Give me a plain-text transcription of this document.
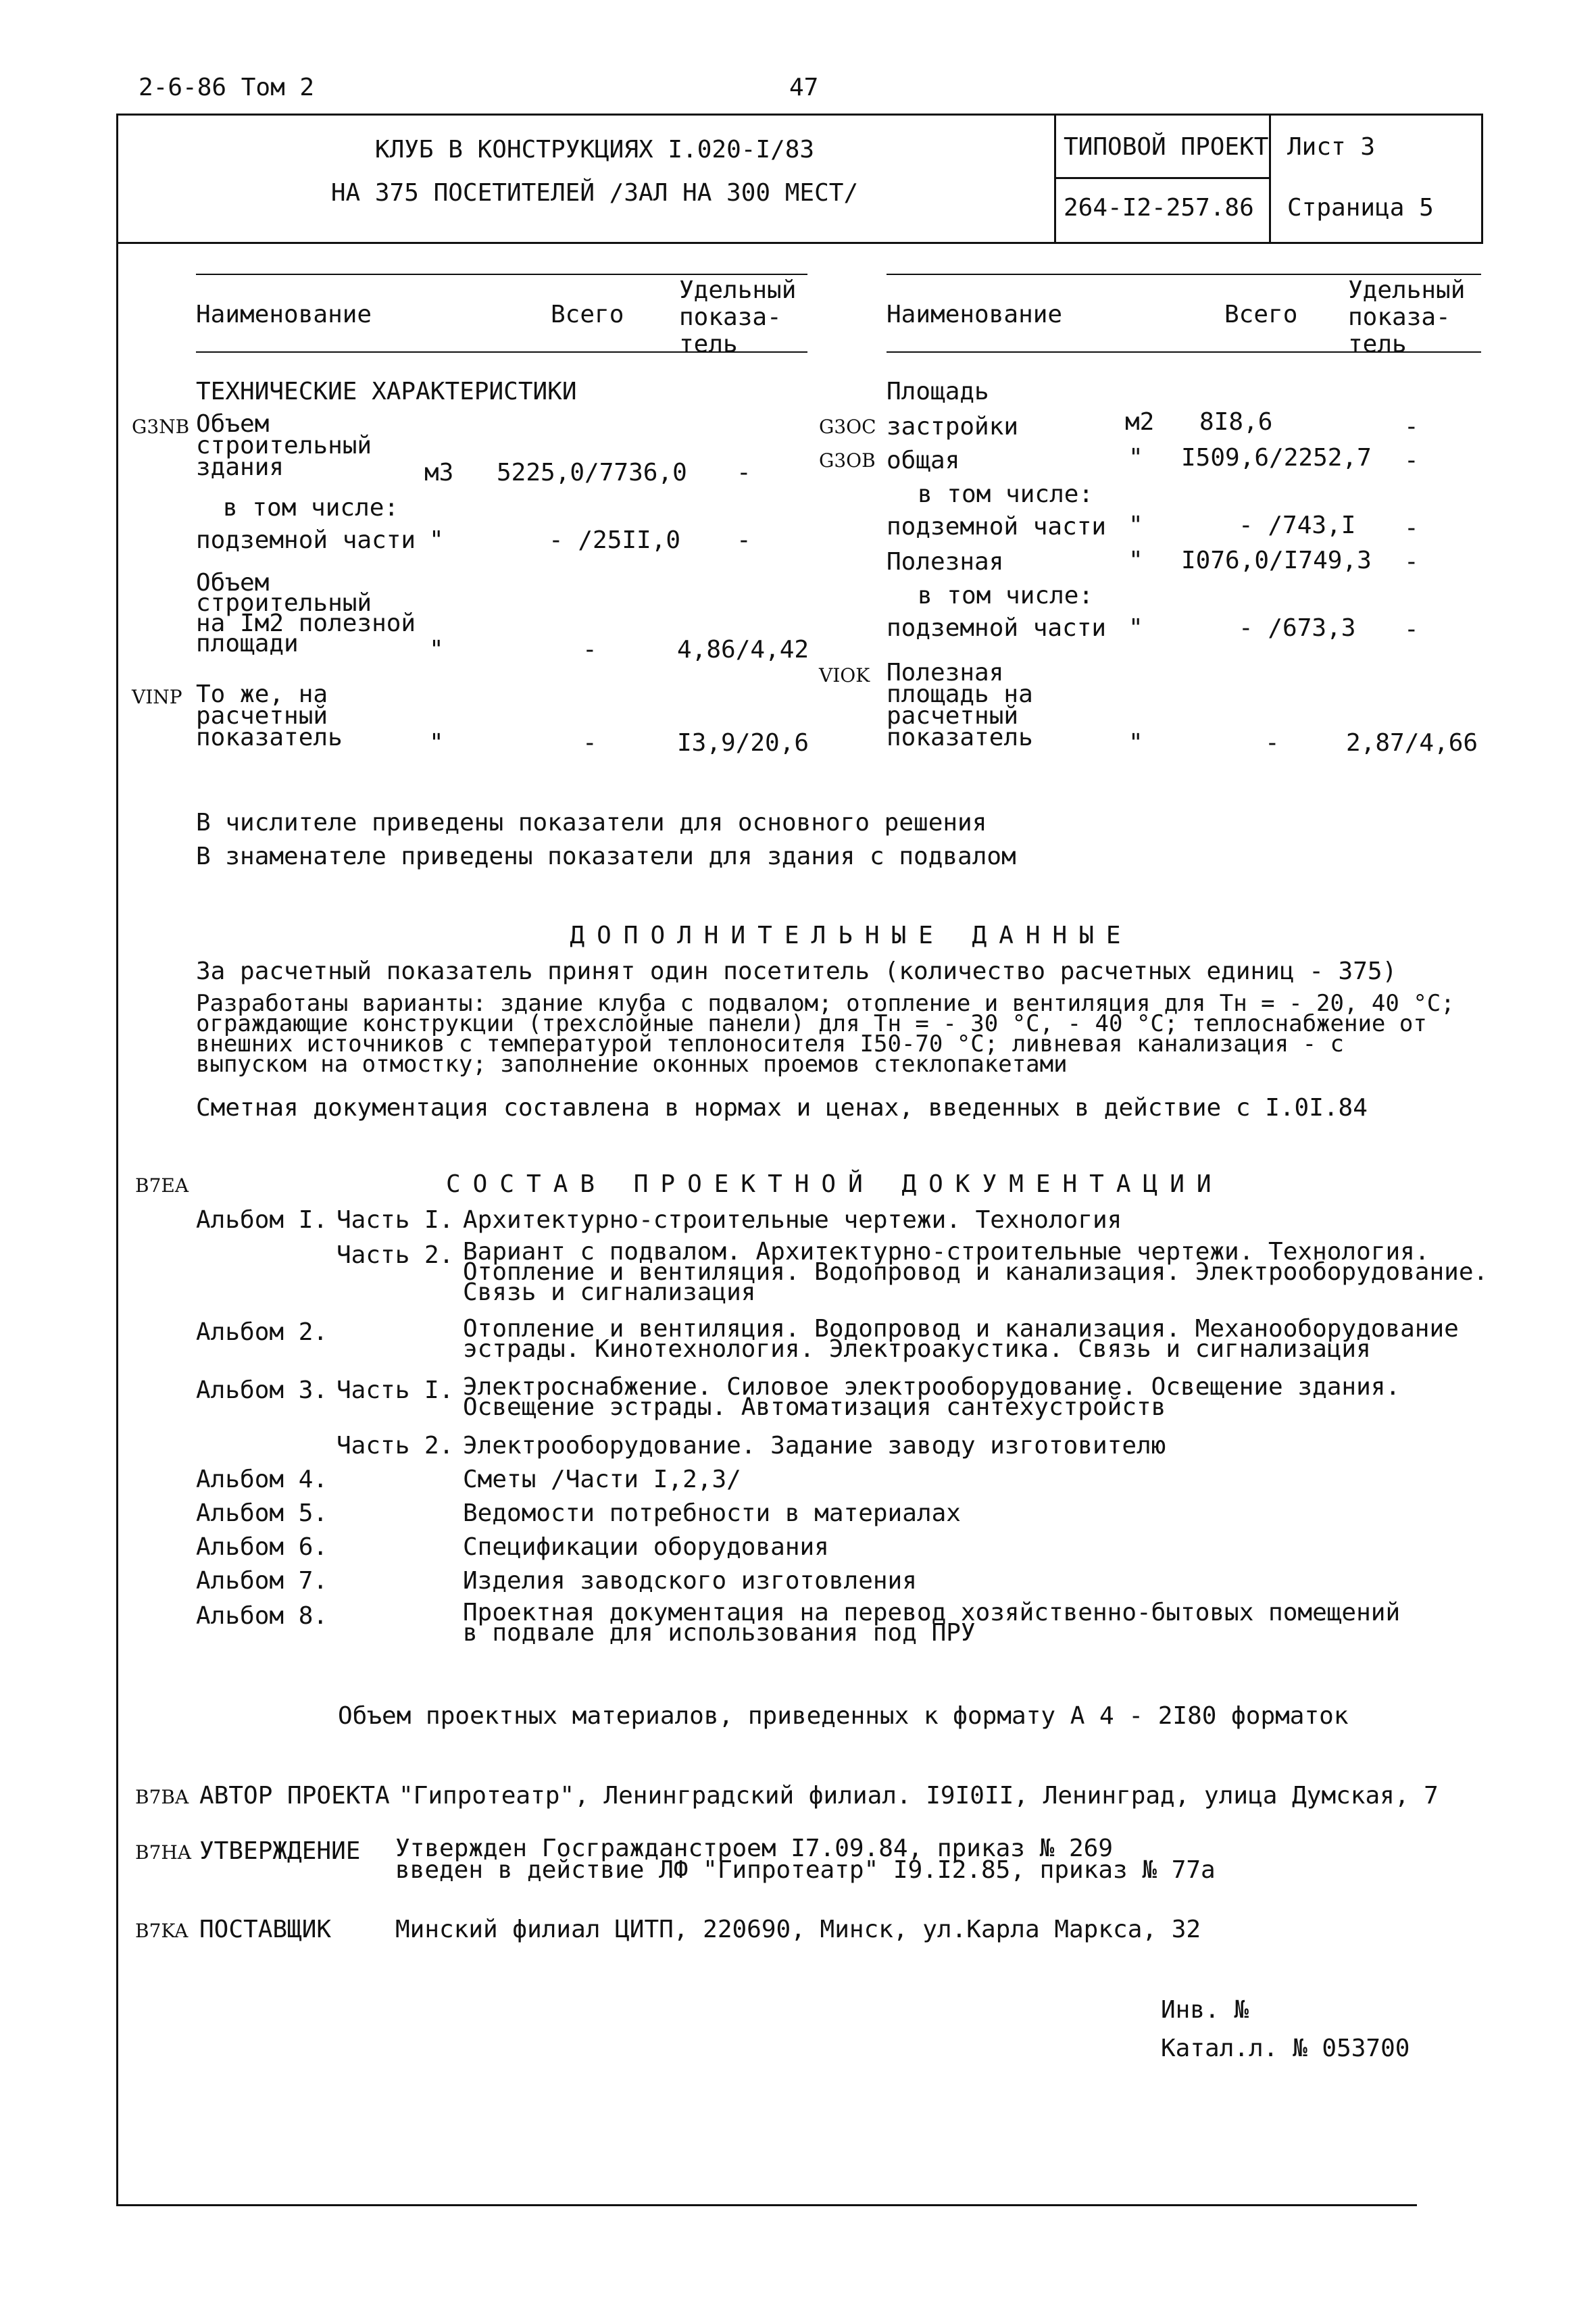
2-6-86 Том 2	47
КЛУБ В КОНСТРУКЦИЯХ I.020-I/83
НА 375 ПОСЕТИТЕЛЕЙ /ЗАЛ НА 300 МЕСТ/
ТИПОВОЙ ПРОЕКТ
264-I2-257.86
Лист 3
Страница 5
Наименование	Всего
Удельный
показа-
тель
Наименование	Всего
Удельный
показа-
тель
ТЕХНИЧЕСКИЕ ХАРАКТЕРИСТИКИ
G3NB Объем
строительный
здания	м3 5225,0/7736,0 -
в том числе:
подземной части "	- /25II,0 -
Объем
строительный
на Iм2 полезной
площади	"	-	4,86/4,42
VINP То же, на
расчетный
показатель	"	-	I3,9/20,6
Площадь
G3OC застройки	м2 8I8,6	-
G3OB общая	" I509,6/2252,7 -
в том числе:
подземной части "	- /743,I -
Полезная	" I076,0/I749,3 -
в том числе:
подземной части "	- /673,3 -
VIOK Полезная
площадь на
расчетный
показатель	"	-	2,87/4,66
В числителе приведены показатели для основного решения
В знаменателе приведены показатели для здания с подвалом
ДОПОЛНИТЕЛЬНЫЕ ДАННЫЕ
За расчетный показатель принят один посетитель (количество расчетных единиц - 375)
Разработаны варианты: здание клуба с подвалом; отопление и вентиляция для Тн = - 20, 40 °С;
ограждающие конструкции (трехслойные панели) для Тн = - 30 °С, - 40 °С; теплоснабжение от
внешних источников с температурой теплоносителя I50-70 °С; ливневая канализация - с
выпуском на отмостку; заполнение оконных проемов стеклопакетами
Сметная документация составлена в нормах и ценах, введенных в действие с I.0I.84
B7EA	СОСТАВ ПРОЕКТНОЙ ДОКУМЕНТАЦИИ
Альбом I. Часть I. Архитектурно-строительные чертежи. Технология
Часть 2. Вариант с подвалом. Архитектурно-строительные чертежи. Технология.
Отопление и вентиляция. Водопровод и канализация. Электрооборудование.
Связь и сигнализация
Альбом 2.	Отопление и вентиляция. Водопровод и канализация. Механооборудование
эстрады. Кинотехнология. Электроакустика. Связь и сигнализация
Альбом 3. Часть I. Электроснабжение. Силовое электрооборудование. Освещение здания.
Освещение эстрады. Автоматизация сантехустройств
Часть 2. Электрооборудование. Задание заводу изготовителю
Альбом 4.	Сметы /Части I,2,3/
Альбом 5.	Ведомости потребности в материалах
Альбом 6.	Спецификации оборудования
Альбом 7.	Изделия заводского изготовления
Альбом 8.	Проектная документация на перевод хозяйственно-бытовых помещений
в подвале для использования под ПРУ
Объем проектных материалов, приведенных к формату А 4 - 2I80 форматок
B7BA АВТОР ПРОЕКТА "Гипротеатр", Ленинградский филиал. I9I0II, Ленинград, улица Думская, 7
B7HA УТВЕРЖДЕНИЕ Утвержден Госгражданстроем I7.09.84, приказ № 269
введен в действие ЛФ "Гипротеатр" I9.I2.85, приказ № 77а
B7KA ПОСТАВЩИК	Минский филиал ЦИТП, 220690, Минск, ул.Карла Маркса, 32
Инв. №
Катал.л. № 053700
